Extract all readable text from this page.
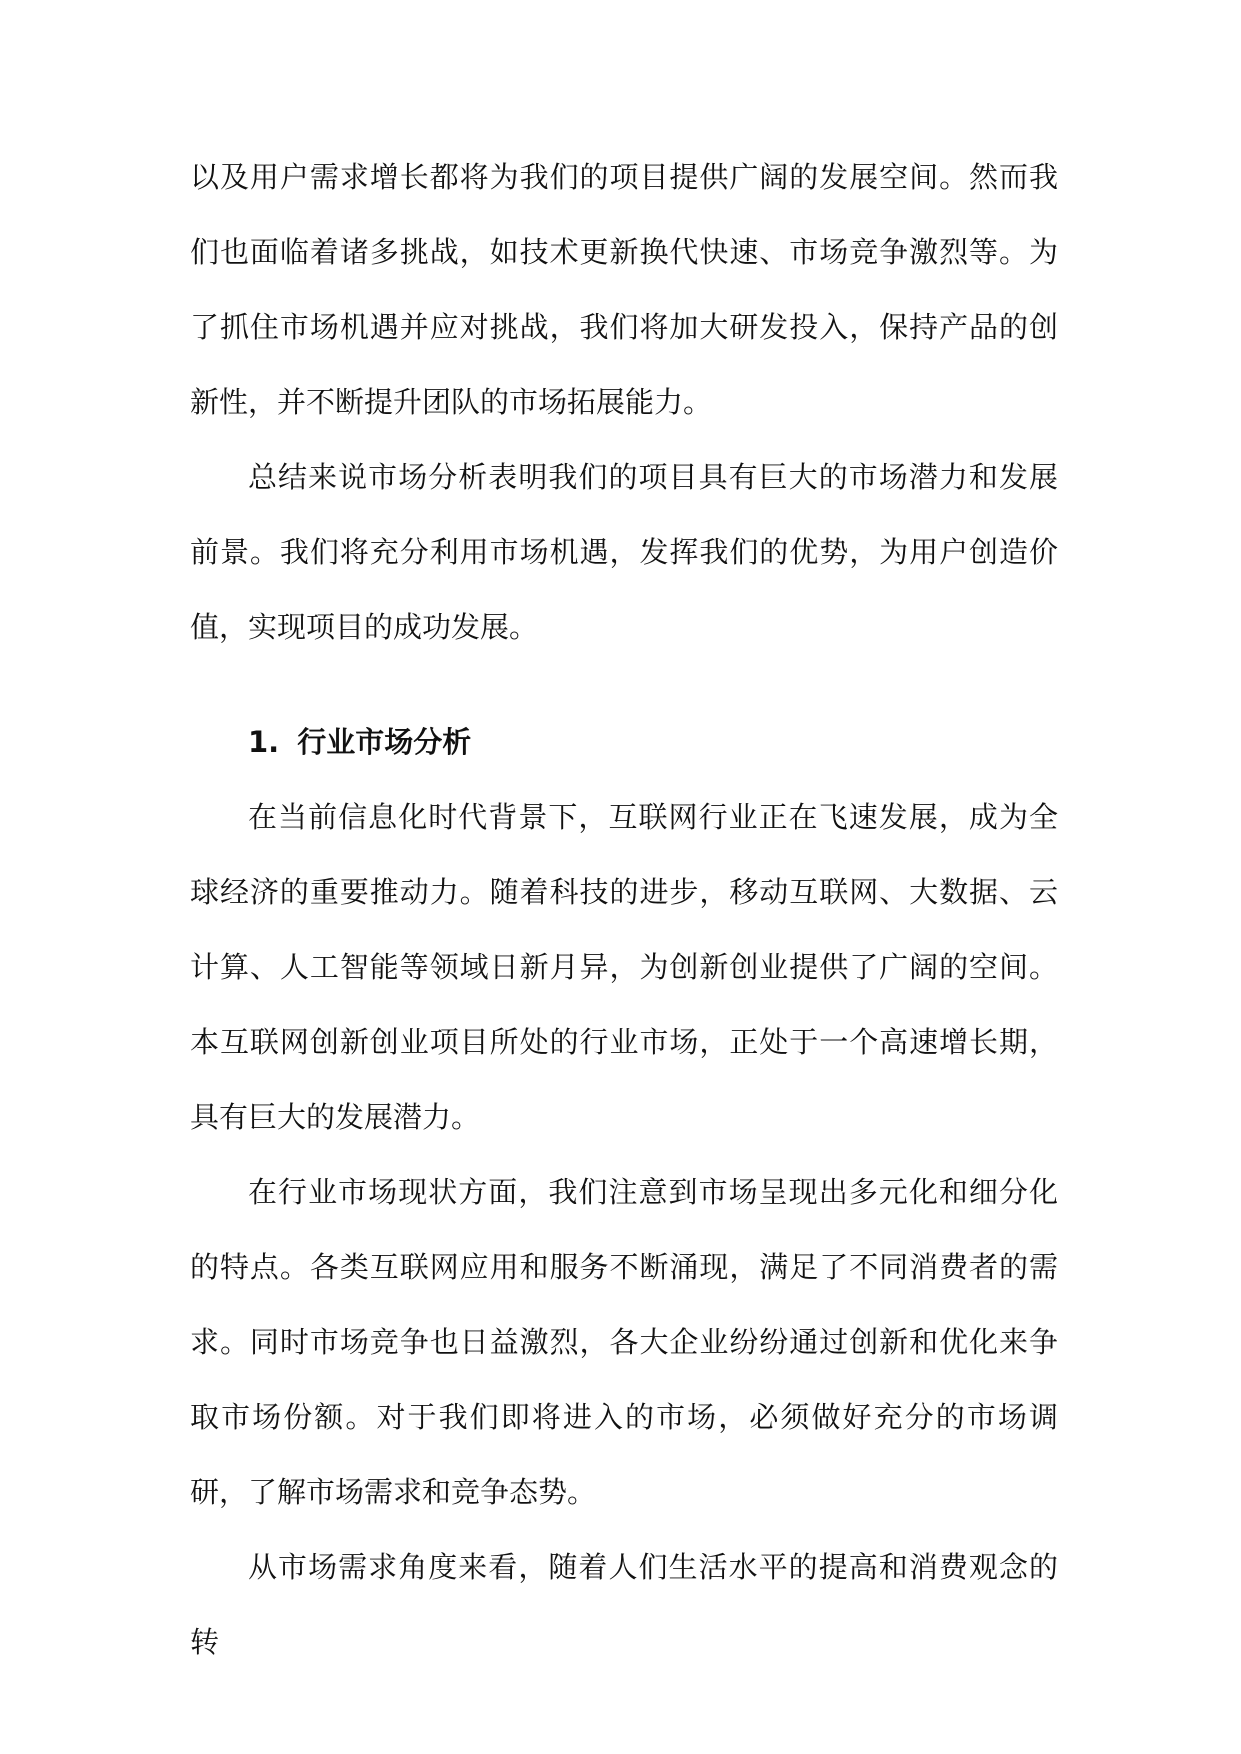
以及用户需求增长都将为我们的项目提供广阔的发展空间。然而我们也面临着诸多挑战，如技术更新换代快速、市场竞争激烈等。为了抓住市场机遇并应对挑战，我们将加大研发投入，保持产品的创新性，并不断提升团队的市场拓展能力。

总结来说市场分析表明我们的项目具有巨大的市场潜力和发展前景。我们将充分利用市场机遇，发挥我们的优势，为用户创造价值，实现项目的成功发展。

1. 行业市场分析

在当前信息化时代背景下，互联网行业正在飞速发展，成为全球经济的重要推动力。随着科技的进步，移动互联网、大数据、云计算、人工智能等领域日新月异，为创新创业提供了广阔的空间。本互联网创新创业项目所处的行业市场，正处于一个高速增长期，具有巨大的发展潜力。

在行业市场现状方面，我们注意到市场呈现出多元化和细分化的特点。各类互联网应用和服务不断涌现，满足了不同消费者的需求。同时市场竞争也日益激烈，各大企业纷纷通过创新和优化来争取市场份额。对于我们即将进入的市场，必须做好充分的市场调研，了解市场需求和竞争态势。

从市场需求角度来看，随着人们生活水平的提高和消费观念的转
